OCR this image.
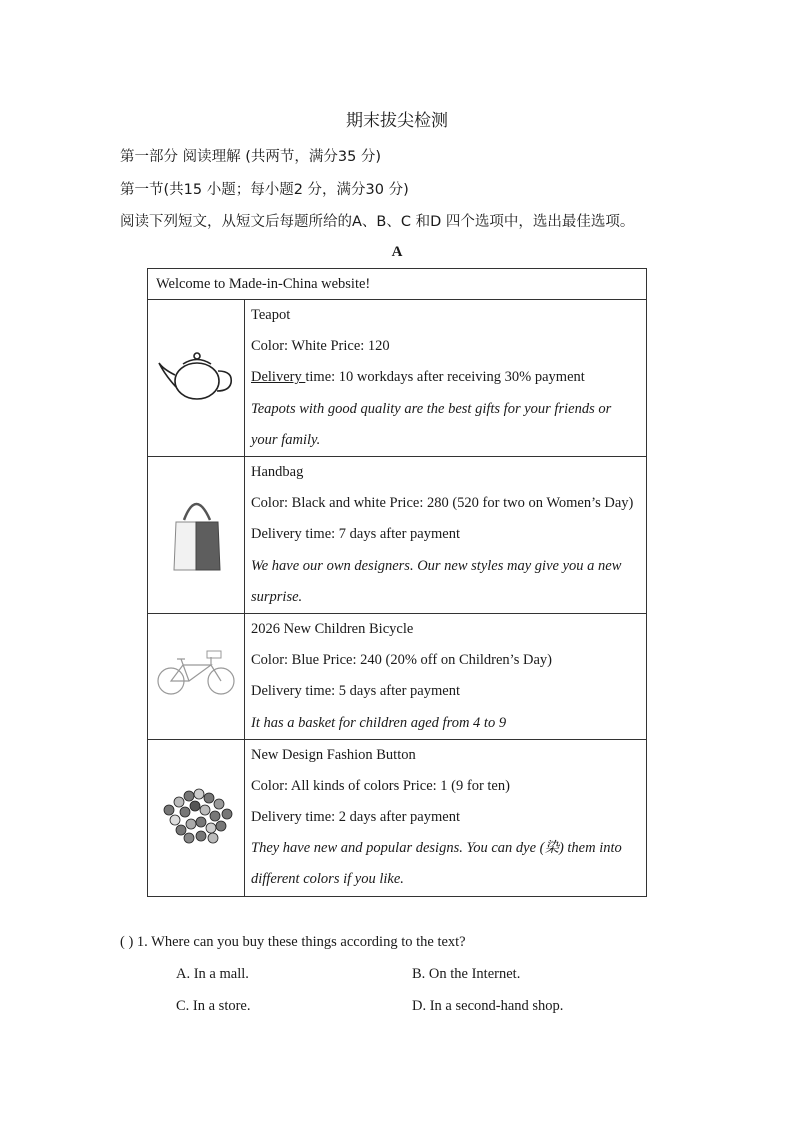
期末拔尖检测
第一部分 阅读理解 (共两节，满分35 分)
第一节(共15 小题；每小题2 分，满分30 分)
阅读下列短文，从短文后每题所给的A、B、C 和D 四个选项中，选出最佳选项。
A
Welcome to Made-in-China website!	

Teapot
Color: White Price: 120
Delivery time: 10 workdays after receiving 30% payment
Teapots with good quality are the best gifts for your friends or your family.

Handbag
Color: Black and white Price: 280 (520 for two on Women’s Day)
Delivery time: 7 days after payment
We have our own designers. Our new styles may give you a new surprise.

2026 New Children Bicycle
Color: Blue Price: 240 (20% off on Children’s Day)
Delivery time: 5 days after payment
It has a basket for children aged from 4 to 9

New Design Fashion Button
Color: All kinds of colors Price: 1 (9 for ten)
Delivery time: 2 days after payment
They have new and popular designs. You can dye (染) them into different colors if you like.
( ) 1. Where can you buy these things according to the text?
A. In a mall.	B. On the Internet.
C. In a store.	D. In a second-hand shop.
